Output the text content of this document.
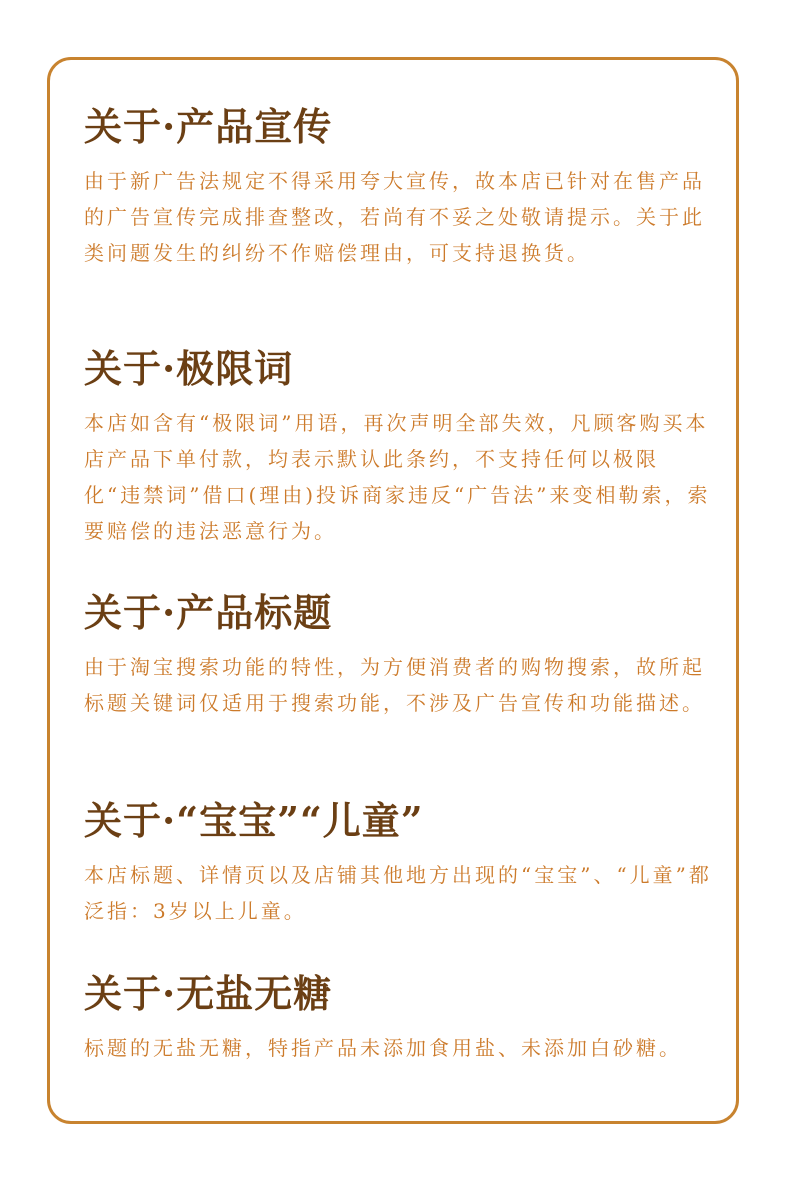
关于·产品宣传

由于新广告法规定不得采用夸大宣传，故本店已针对在售产品的广告宣传完成排查整改，若尚有不妥之处敬请提示。关于此类问题发生的纠纷不作赔偿理由，可支持退换货。

关于·极限词

本店如含有“极限词”用语，再次声明全部失效，凡顾客购买本店产品下单付款，均表示默认此条约，不支持任何以极限化“违禁词”借口(理由)投诉商家违反“广告法”来变相勒索，索要赔偿的违法恶意行为。

关于·产品标题

由于淘宝搜索功能的特性，为方便消费者的购物搜索，故所起标题关键词仅适用于搜索功能，不涉及广告宣传和功能描述。

关于·“宝宝”“儿童”

本店标题、详情页以及店铺其他地方出现的“宝宝”、“儿童”都泛指：3岁以上儿童。

关于·无盐无糖

标题的无盐无糖，特指产品未添加食用盐、未添加白砂糖。
